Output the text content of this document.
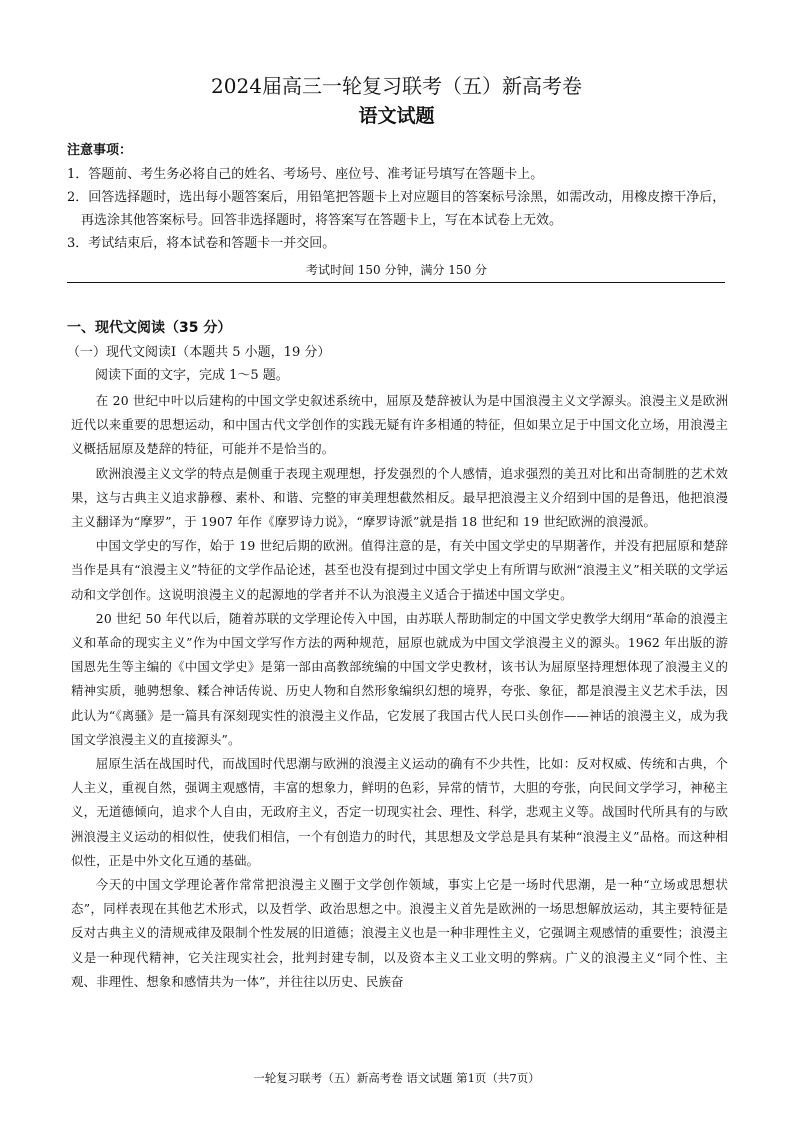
2024届高三一轮复习联考（五）新高考卷
语文试题
注意事项：
1．答题前、考生务必将自己的姓名、考场号、座位号、准考证号填写在答题卡上。
2．回答选择题时，选出每小题答案后，用铅笔把答题卡上对应题目的答案标号涂黑，如需改动，用橡皮擦干净后，再选涂其他答案标号。回答非选择题时，将答案写在答题卡上，写在本试卷上无效。
3．考试结束后，将本试卷和答题卡一并交回。
考试时间 150 分钟，满分 150 分
一、现代文阅读（35 分）
（一）现代文阅读Ⅰ（本题共 5 小题，19 分）
阅读下面的文字，完成 1～5 题。

在 20 世纪中叶以后建构的中国文学史叙述系统中，屈原及楚辞被认为是中国浪漫主义文学源头。浪漫主义是欧洲近代以来重要的思想运动，和中国古代文学创作的实践无疑有许多相通的特征，但如果立足于中国文化立场，用浪漫主义概括屈原及楚辞的特征，可能并不是恰当的。

欧洲浪漫主义文学的特点是侧重于表现主观理想，抒发强烈的个人感情，追求强烈的美丑对比和出奇制胜的艺术效果，这与古典主义追求静穆、素朴、和谐、完整的审美理想截然相反。最早把浪漫主义介绍到中国的是鲁迅，他把浪漫主义翻译为“摩罗”，于 1907 年作《摩罗诗力说》，“摩罗诗派”就是指 18 世纪和 19 世纪欧洲的浪漫派。

中国文学史的写作，始于 19 世纪后期的欧洲。值得注意的是，有关中国文学史的早期著作，并没有把屈原和楚辞当作是具有“浪漫主义”特征的文学作品论述，甚至也没有提到过中国文学史上有所谓与欧洲“浪漫主义”相关联的文学运动和文学创作。这说明浪漫主义的起源地的学者并不认为浪漫主义适合于描述中国文学史。

20 世纪 50 年代以后，随着苏联的文学理论传入中国，由苏联人帮助制定的中国文学史教学大纲用“革命的浪漫主义和革命的现实主义”作为中国文学写作方法的两种规范，屈原也就成为中国文学浪漫主义的源头。1962 年出版的游国恩先生等主编的《中国文学史》是第一部由高教部统编的中国文学史教材，该书认为屈原坚持理想体现了浪漫主义的精神实质，驰骋想象、糅合神话传说、历史人物和自然形象编织幻想的境界，夸张、象征，都是浪漫主义艺术手法，因此认为“《离骚》是一篇具有深刻现实性的浪漫主义作品，它发展了我国古代人民口头创作——神话的浪漫主义，成为我国文学浪漫主义的直接源头”。

屈原生活在战国时代，而战国时代思潮与欧洲的浪漫主义运动的确有不少共性，比如：反对权威、传统和古典，个人主义，重视自然，强调主观感情，丰富的想象力，鲜明的色彩，异常的情节，大胆的夸张，向民间文学学习，神秘主义，无道德倾向，追求个人自由，无政府主义，否定一切现实社会、理性、科学，悲观主义等。战国时代所具有的与欧洲浪漫主义运动的相似性，使我们相信，一个有创造力的时代，其思想及文学总是具有某种“浪漫主义”品格。而这种相似性，正是中外文化互通的基础。

今天的中国文学理论著作常常把浪漫主义圈于文学创作领域，事实上它是一场时代思潮，是一种“立场或思想状态”，同样表现在其他艺术形式，以及哲学、政治思想之中。浪漫主义首先是欧洲的一场思想解放运动，其主要特征是反对古典主义的清规戒律及限制个性发展的旧道德；浪漫主义也是一种非理性主义，它强调主观感情的重要性；浪漫主义是一种现代精神，它关注现实社会，批判封建专制，以及资本主义工业文明的弊病。广义的浪漫主义“同个性、主观、非理性、想象和感情共为一体”，并往往以历史、民族奋

一轮复习联考（五）新高考卷 语文试题 第1页（共7页）
